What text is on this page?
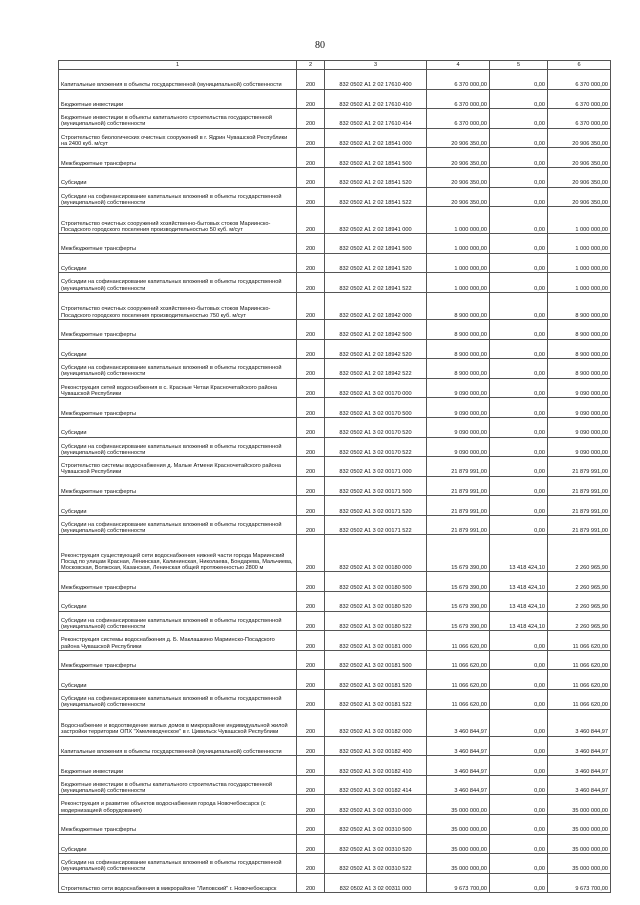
80
1	2	3	4	5	6
Капитальные вложения в объекты государственной (муниципальной) собственности	200	832 0502 А1 2 02 17610 400	6 370 000,00	0,00	6 370 000,00
Бюджетные инвестиции	200	832 0502 А1 2 02 17610 410	6 370 000,00	0,00	6 370 000,00
Бюджетные инвестиции в объекты капитального строительства государственной (муниципальной) собственности	200	832 0502 А1 2 02 17610 414	6 370 000,00	0,00	6 370 000,00
Строительство биологических очистных сооружений в г. Ядрин Чувашской Республики на 2400 куб. м/сут	200	832 0502 А1 2 02 18541 000	20 906 350,00	0,00	20 906 350,00
Межбюджетные трансферты	200	832 0502 А1 2 02 18541 500	20 906 350,00	0,00	20 906 350,00
Субсидии	200	832 0502 А1 2 02 18541 520	20 906 350,00	0,00	20 906 350,00
Субсидии на софинансирование капитальных вложений в объекты государственной (муниципальной) собственности	200	832 0502 А1 2 02 18541 522	20 906 350,00	0,00	20 906 350,00
Строительство очистных сооружений хозяйственно-бытовых стоков Мариинско-Посадского городского поселения производительностью 50 куб. м/сут	200	832 0502 А1 2 02 18941 000	1 000 000,00	0,00	1 000 000,00
Межбюджетные трансферты	200	832 0502 А1 2 02 18941 500	1 000 000,00	0,00	1 000 000,00
Субсидии	200	832 0502 А1 2 02 18941 520	1 000 000,00	0,00	1 000 000,00
Субсидии на софинансирование капитальных вложений в объекты государственной (муниципальной) собственности	200	832 0502 А1 2 02 18941 522	1 000 000,00	0,00	1 000 000,00
Строительство очистных сооружений хозяйственно-бытовых стоков Мариинско-Посадского городского поселения производительностью 750 куб. м/сут	200	832 0502 А1 2 02 18942 000	8 900 000,00	0,00	8 900 000,00
Межбюджетные трансферты	200	832 0502 А1 2 02 18942 500	8 900 000,00	0,00	8 900 000,00
Субсидии	200	832 0502 А1 2 02 18942 520	8 900 000,00	0,00	8 900 000,00
Субсидии на софинансирование капитальных вложений в объекты государственной (муниципальной) собственности	200	832 0502 А1 2 02 18942 522	8 900 000,00	0,00	8 900 000,00
Реконструкция сетей водоснабжения в с. Красные Четаи Красночетайского района Чувашской Республики	200	832 0502 А1 3 02 00170 000	9 090 000,00	0,00	9 090 000,00
Межбюджетные трансферты	200	832 0502 А1 3 02 00170 500	9 090 000,00	0,00	9 090 000,00
Субсидии	200	832 0502 А1 3 02 00170 520	9 090 000,00	0,00	9 090 000,00
Субсидии на софинансирование капитальных вложений в объекты государственной (муниципальной) собственности	200	832 0502 А1 3 02 00170 522	9 090 000,00	0,00	9 090 000,00
Строительство системы водоснабжения д. Малые Атмени Красночетайского района Чувашской Республики	200	832 0502 А1 3 02 00171 000	21 879 991,00	0,00	21 879 991,00
Межбюджетные трансферты	200	832 0502 А1 3 02 00171 500	21 879 991,00	0,00	21 879 991,00
Субсидии	200	832 0502 А1 3 02 00171 520	21 879 991,00	0,00	21 879 991,00
Субсидии на софинансирование капитальных вложений в объекты государственной (муниципальной) собственности	200	832 0502 А1 3 02 00171 522	21 879 991,00	0,00	21 879 991,00
Реконструкция существующей сети водоснабжения нижней части города Мариинский Посад по улицам Красная, Ленинская, Калининская, Николаева, Бондарева, Мальчиева, Московская, Волжская, Казанская, Ленинская общей протяженностью 2800 м	200	832 0502 А1 3 02 00180 000	15 679 390,00	13 418 424,10	2 260 965,90
Межбюджетные трансферты	200	832 0502 А1 3 02 00180 500	15 679 390,00	13 418 424,10	2 260 965,90
Субсидии	200	832 0502 А1 3 02 00180 520	15 679 390,00	13 418 424,10	2 260 965,90
Субсидии на софинансирование капитальных вложений в объекты государственной (муниципальной) собственности	200	832 0502 А1 3 02 00180 522	15 679 390,00	13 418 424,10	2 260 965,90
Реконструкция системы водоснабжения д. Б. Маклашкино Мариинско-Посадского района Чувашской Республики	200	832 0502 А1 3 02 00181 000	11 066 620,00	0,00	11 066 620,00
Межбюджетные трансферты	200	832 0502 А1 3 02 00181 500	11 066 620,00	0,00	11 066 620,00
Субсидии	200	832 0502 А1 3 02 00181 520	11 066 620,00	0,00	11 066 620,00
Субсидии на софинансирование капитальных вложений в объекты государственной (муниципальной) собственности	200	832 0502 А1 3 02 00181 522	11 066 620,00	0,00	11 066 620,00
Водоснабжение и водоотведение жилых домов в микрорайоне индивидуальной жилой застройки территории ОПХ "Хмелеводческое" в г. Цивильск Чувашской Республики	200	832 0502 А1 3 02 00182 000	3 460 844,97	0,00	3 460 844,97
Капитальные вложения в объекты государственной (муниципальной) собственности	200	832 0502 А1 3 02 00182 400	3 460 844,97	0,00	3 460 844,97
Бюджетные инвестиции	200	832 0502 А1 3 02 00182 410	3 460 844,97	0,00	3 460 844,97
Бюджетные инвестиции в объекты капитального строительства государственной (муниципальной) собственности	200	832 0502 А1 3 02 00182 414	3 460 844,97	0,00	3 460 844,97
Реконструкция и развитие объектов водоснабжения города Новочебоксарск (с модернизацией оборудования)	200	832 0502 А1 3 02 00310 000	35 000 000,00	0,00	35 000 000,00
Межбюджетные трансферты	200	832 0502 А1 3 02 00310 500	35 000 000,00	0,00	35 000 000,00
Субсидии	200	832 0502 А1 3 02 00310 520	35 000 000,00	0,00	35 000 000,00
Субсидии на софинансирование капитальных вложений в объекты государственной (муниципальной) собственности	200	832 0502 А1 3 02 00310 522	35 000 000,00	0,00	35 000 000,00
Строительство сети водоснабжения в микрорайоне "Липовский" г. Новочебоксарск	200	832 0502 А1 3 02 00311 000	9 673 700,00	0,00	9 673 700,00
